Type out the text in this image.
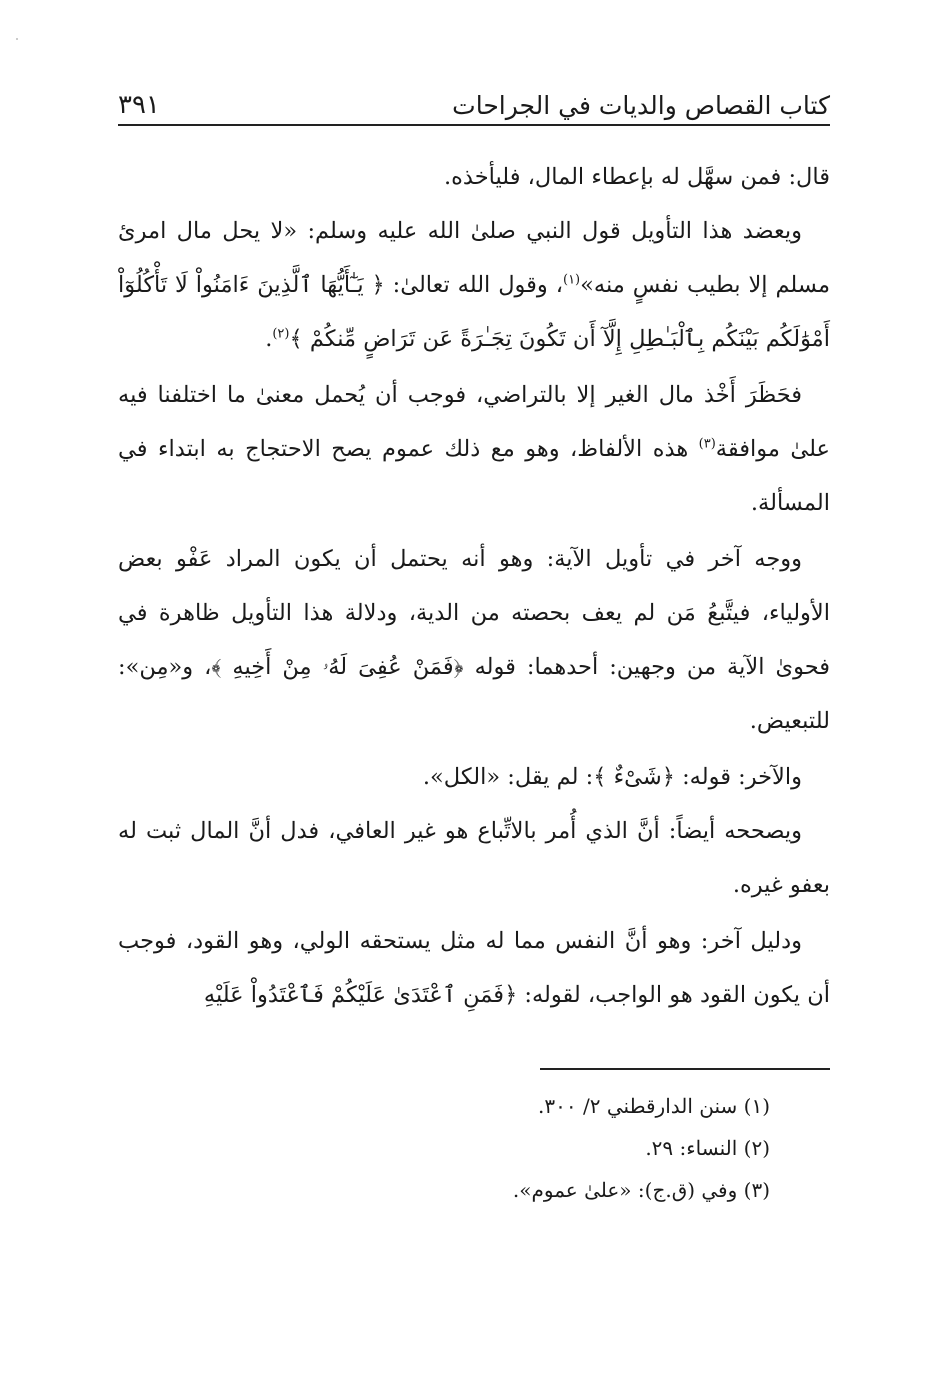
كتاب القصاص والديات في الجراحات
٣٩١

قال: فمن سهَّل له بإعطاء المال، فليأخذه.

ويعضد هذا التأويل قول النبي صلىٰ الله عليه وسلم: «لا يحل مال امرئ مسلم إلا بطيب نفسٍ منه»$^{(١)}$، وقول الله تعالىٰ: ﴿ يَـٰٓأَيُّهَا ٱلَّذِينَ ءَامَنُواْ لَا تَأْكُلُوٓاْ أَمْوَٰلَكُم بَيْنَكُم بِٱلْبَـٰطِلِ إِلَّآ أَن تَكُونَ تِجَـٰرَةً عَن تَرَاضٍ مِّنكُمْ ﴾$^{(٢)}$.

فحَظَرَ أَخْذ مال الغير إلا بالتراضي، فوجب أن يُحمل معنىٰ ما اختلفنا فيه علىٰ موافقة$^{(٣)}$ هذه الألفاظ، وهو مع ذلك عموم يصح الاحتجاج به ابتداء في المسألة.

ووجه آخر في تأويل الآية: وهو أنه يحتمل أن يكون المراد عَفْو بعض الأولياء، فيتَّبعُ مَن لم يعف بحصته من الدية، ودلالة هذا التأويل ظاهرة في فحوىٰ الآية من وجهين: أحدهما: قوله ﴿فَمَنْ عُفِىَ لَهُۥ مِنْ أَخِيهِ ﴾، و«مِن»: للتبعيض.

والآخر: قوله: ﴿شَىْءٌ ﴾: لم يقل: «الكل».

ويصححه أيضاً: أنَّ الذي أُمر بالاتِّباع هو غير العافي، فدل أنَّ المال ثبت له بعفو غيره.

ودليل آخر: وهو أنَّ النفس مما له مثل يستحقه الولي، وهو القود، فوجب أن يكون القود هو الواجب، لقوله: ﴿فَمَنِ ٱعْتَدَىٰ عَلَيْكُمْ فَٱعْتَدُواْ عَلَيْهِ

(١) سنن الدارقطني ٢/ ٣٠٠.
(٢) النساء: ٢٩.
(٣) وفي (ق.ج): «علىٰ عموم».
